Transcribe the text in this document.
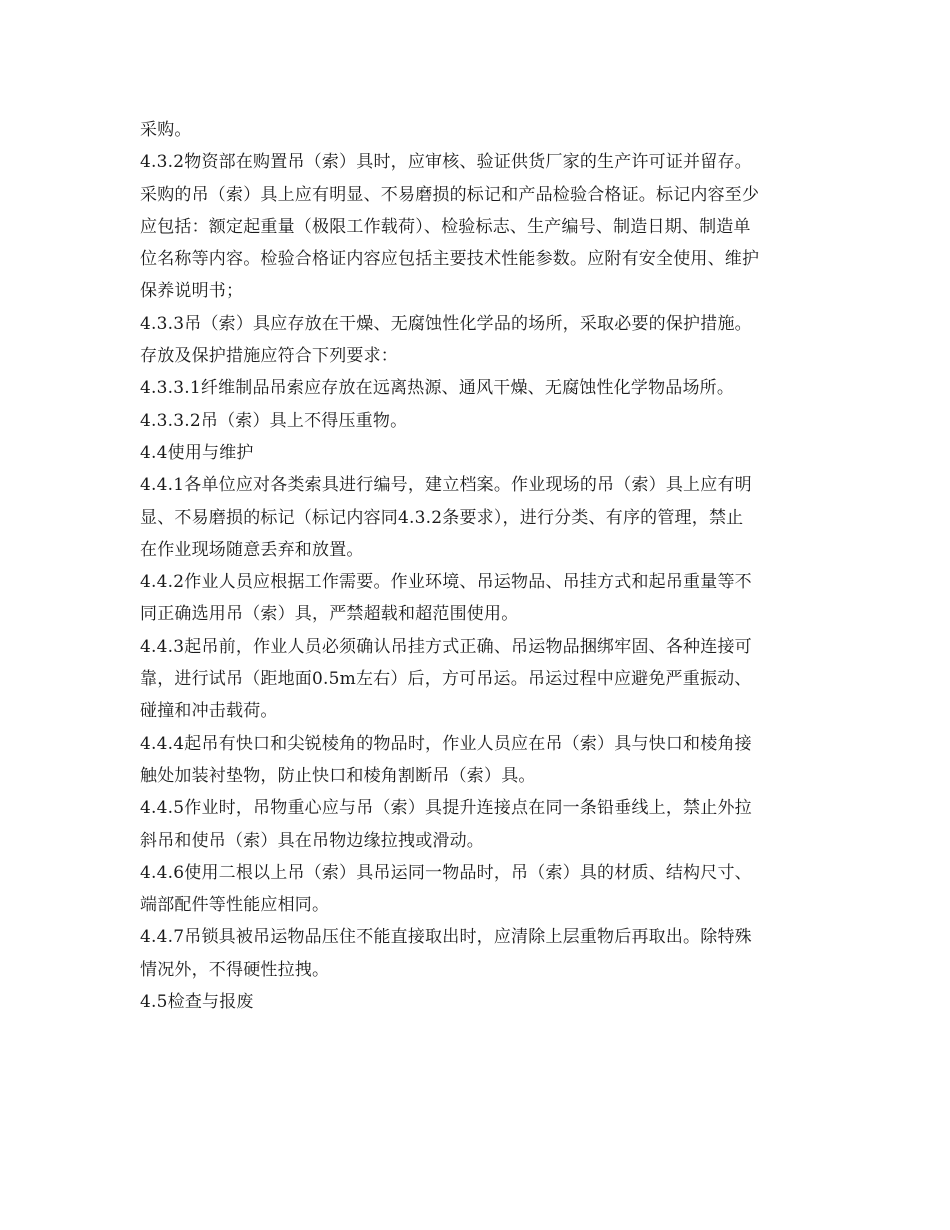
采购。
4.3.2物资部在购置吊（索）具时，应审核、验证供货厂家的生产许可证并留存。
采购的吊（索）具上应有明显、不易磨损的标记和产品检验合格证。标记内容至少
应包括：额定起重量（极限工作载荷）、检验标志、生产编号、制造日期、制造单
位名称等内容。检验合格证内容应包括主要技术性能参数。应附有安全使用、维护
保养说明书；
4.3.3吊（索）具应存放在干燥、无腐蚀性化学品的场所，采取必要的保护措施。
存放及保护措施应符合下列要求：
4.3.3.1纤维制品吊索应存放在远离热源、通风干燥、无腐蚀性化学物品场所。
4.3.3.2吊（索）具上不得压重物。
4.4使用与维护
4.4.1各单位应对各类索具进行编号，建立档案。作业现场的吊（索）具上应有明
显、不易磨损的标记（标记内容同4.3.2条要求），进行分类、有序的管理，禁止
在作业现场随意丢弃和放置。
4.4.2作业人员应根据工作需要。作业环境、吊运物品、吊挂方式和起吊重量等不
同正确选用吊（索）具，严禁超载和超范围使用。
4.4.3起吊前，作业人员必须确认吊挂方式正确、吊运物品捆绑牢固、各种连接可
靠，进行试吊（距地面0.5m左右）后，方可吊运。吊运过程中应避免严重振动、
碰撞和冲击载荷。
4.4.4起吊有快口和尖锐棱角的物品时，作业人员应在吊（索）具与快口和棱角接
触处加装衬垫物，防止快口和棱角割断吊（索）具。
4.4.5作业时，吊物重心应与吊（索）具提升连接点在同一条铅垂线上，禁止外拉
斜吊和使吊（索）具在吊物边缘拉拽或滑动。
4.4.6使用二根以上吊（索）具吊运同一物品时，吊（索）具的材质、结构尺寸、
端部配件等性能应相同。
4.4.7吊锁具被吊运物品压住不能直接取出时，应清除上层重物后再取出。除特殊
情况外，不得硬性拉拽。
4.5检查与报废
